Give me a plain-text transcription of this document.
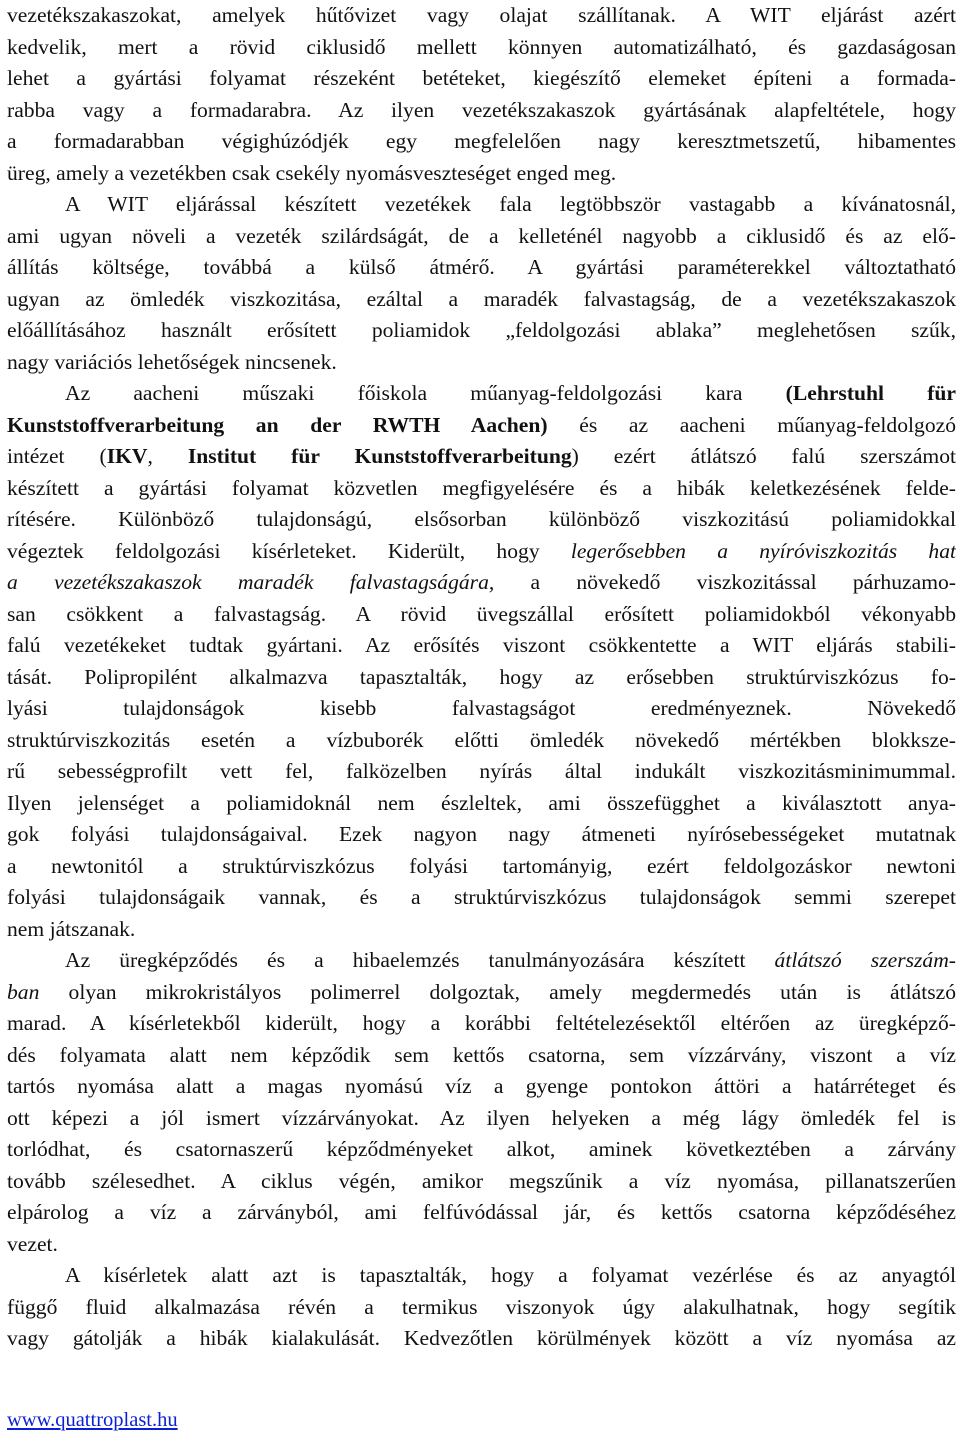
vezetékszakaszokat, amelyek hűtővizet vagy olajat szállítanak. A WIT eljárást azért
kedvelik, mert a rövid ciklusidő mellett könnyen automatizálható, és gazdaságosan
lehet a gyártási folyamat részeként betéteket, kiegészítő elemeket építeni a formada-
rabba vagy a formadarabra. Az ilyen vezetékszakaszok gyártásának alapfeltétele, hogy
a formadarabban végighúzódjék egy megfelelően nagy keresztmetszetű, hibamentes
üreg, amely a vezetékben csak csekély nyomásveszteséget enged meg.
A WIT eljárással készített vezetékek fala legtöbbször vastagabb a kívánatosnál,
ami ugyan növeli a vezeték szilárdságát, de a kelleténél nagyobb a ciklusidő és az elő-
állítás költsége, továbbá a külső átmérő. A gyártási paraméterekkel változtatható
ugyan az ömledék viszkozitása, ezáltal a maradék falvastagság, de a vezetékszakaszok
előállításához használt erősített poliamidok „feldolgozási ablaka” meglehetősen szűk,
nagy variációs lehetőségek nincsenek.
Az aacheni műszaki főiskola műanyag-feldolgozási kara (Lehrstuhl für
Kunststoffverarbeitung an der RWTH Aachen) és az aacheni műanyag-feldolgozó
intézet (IKV, Institut für Kunststoffverarbeitung) ezért átlátszó falú szerszámot
készített a gyártási folyamat közvetlen megfigyelésére és a hibák keletkezésének felde-
rítésére. Különböző tulajdonságú, elsősorban különböző viszkozitású poliamidokkal
végeztek feldolgozási kísérleteket. Kiderült, hogy legerősebben a nyíróviszkozitás hat
a vezetékszakaszok maradék falvastagságára, a növekedő viszkozitással párhuzamo-
san csökkent a falvastagság. A rövid üvegszállal erősített poliamidokból vékonyabb
falú vezetékeket tudtak gyártani. Az erősítés viszont csökkentette a WIT eljárás stabili-
tását. Polipropilént alkalmazva tapasztalták, hogy az erősebben struktúrviszkózus fo-
lyási tulajdonságok kisebb falvastagságot eredményeznek. Növekedő
struktúrviszkozitás esetén a vízbuborék előtti ömledék növekedő mértékben blokksze-
rű sebességprofilt vett fel, falközelben nyírás által indukált viszkozitásminimummal.
Ilyen jelenséget a poliamidoknál nem észleltek, ami összefügghet a kiválasztott anya-
gok folyási tulajdonságaival. Ezek nagyon nagy átmeneti nyírósebességeket mutatnak
a newtonitól a struktúrviszkózus folyási tartományig, ezért feldolgozáskor newtoni
folyási tulajdonságaik vannak, és a struktúrviszkózus tulajdonságok semmi szerepet
nem játszanak.
Az üregképződés és a hibaelemzés tanulmányozására készített átlátszó szerszám-
ban olyan mikrokristályos polimerrel dolgoztak, amely megdermedés után is átlátszó
marad. A kísérletekből kiderült, hogy a korábbi feltételezésektől eltérően az üregképző-
dés folyamata alatt nem képződik sem kettős csatorna, sem vízzárvány, viszont a víz
tartós nyomása alatt a magas nyomású víz a gyenge pontokon áttöri a határréteget és
ott képezi a jól ismert vízzárványokat. Az ilyen helyeken a még lágy ömledék fel is
torlódhat, és csatornaszerű képződményeket alkot, aminek következtében a zárvány
tovább szélesedhet. A ciklus végén, amikor megszűnik a víz nyomása, pillanatszerűen
elpárolog a víz a zárványból, ami felfúvódással jár, és kettős csatorna képződéséhez
vezet.
A kísérletek alatt azt is tapasztalták, hogy a folyamat vezérlése és az anyagtól
függő fluid alkalmazása révén a termikus viszonyok úgy alakulhatnak, hogy segítik
vagy gátolják a hibák kialakulását. Kedvezőtlen körülmények között a víz nyomása az
www.quattroplast.hu
